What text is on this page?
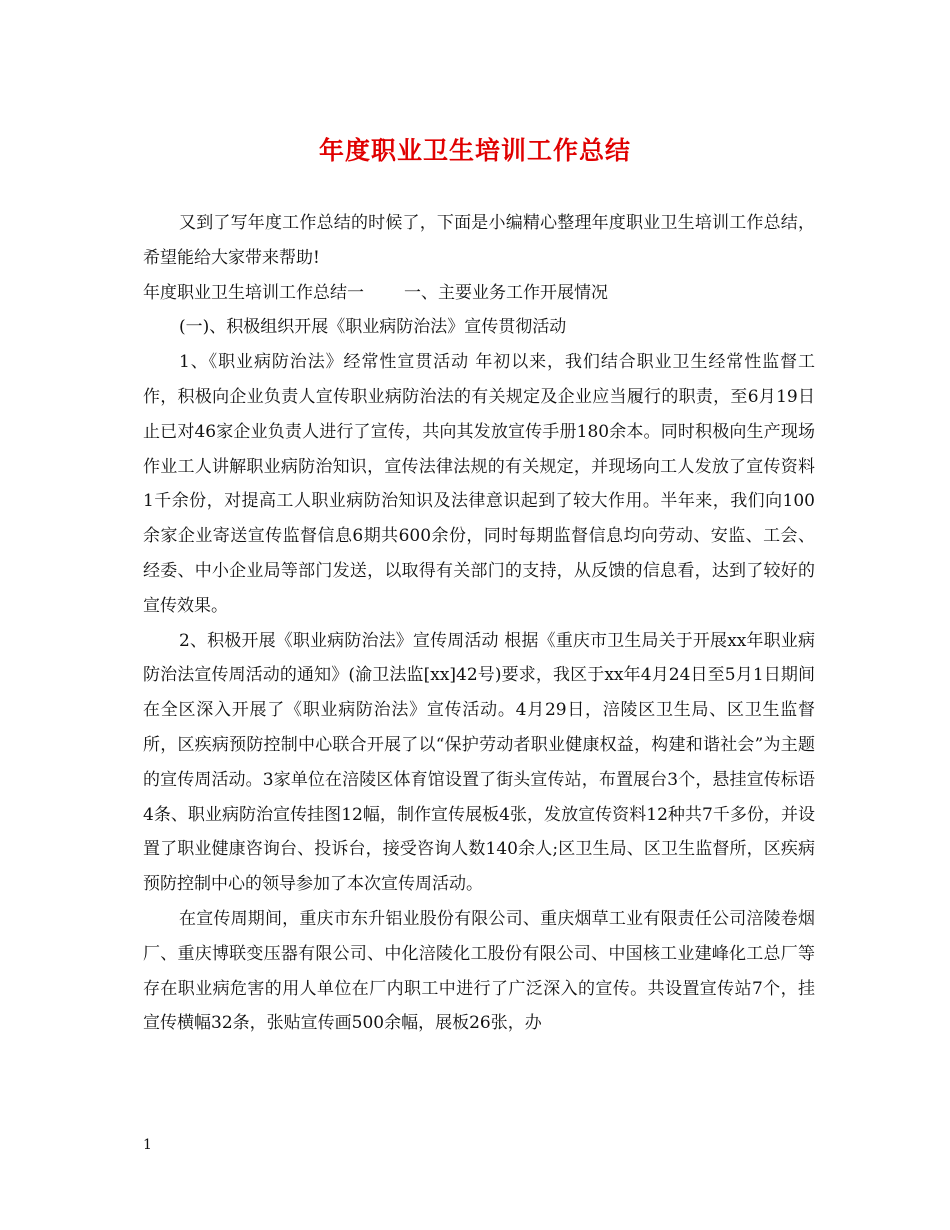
年度职业卫生培训工作总结

又到了写年度工作总结的时候了，下面是小编精心整理年度职业卫生培训工作总结，希望能给大家带来帮助!

年度职业卫生培训工作总结一 一、主要业务工作开展情况

(一)、积极组织开展《职业病防治法》宣传贯彻活动

1、《职业病防治法》经常性宣贯活动 年初以来，我们结合职业卫生经常性监督工作，积极向企业负责人宣传职业病防治法的有关规定及企业应当履行的职责，至6月19日止已对46家企业负责人进行了宣传，共向其发放宣传手册180余本。同时积极向生产现场作业工人讲解职业病防治知识，宣传法律法规的有关规定，并现场向工人发放了宣传资料1千余份，对提高工人职业病防治知识及法律意识起到了较大作用。半年来，我们向100余家企业寄送宣传监督信息6期共600余份，同时每期监督信息均向劳动、安监、工会、经委、中小企业局等部门发送，以取得有关部门的支持，从反馈的信息看，达到了较好的宣传效果。

2、积极开展《职业病防治法》宣传周活动 根据《重庆市卫生局关于开展xx年职业病防治法宣传周活动的通知》(渝卫法监[xx]42号)要求，我区于xx年4月24日至5月1日期间在全区深入开展了《职业病防治法》宣传活动。4月29日，涪陵区卫生局、区卫生监督所，区疾病预防控制中心联合开展了以“保护劳动者职业健康权益，构建和谐社会”为主题的宣传周活动。3家单位在涪陵区体育馆设置了街头宣传站，布置展台3个，悬挂宣传标语4条、职业病防治宣传挂图12幅，制作宣传展板4张，发放宣传资料12种共7千多份，并设置了职业健康咨询台、投诉台，接受咨询人数140余人;区卫生局、区卫生监督所，区疾病预防控制中心的领导参加了本次宣传周活动。

在宣传周期间，重庆市东升铝业股份有限公司、重庆烟草工业有限责任公司涪陵卷烟厂、重庆博联变压器有限公司、中化涪陵化工股份有限公司、中国核工业建峰化工总厂等存在职业病危害的用人单位在厂内职工中进行了广泛深入的宣传。共设置宣传站7个，挂宣传横幅32条，张贴宣传画500余幅，展板26张，办

1
